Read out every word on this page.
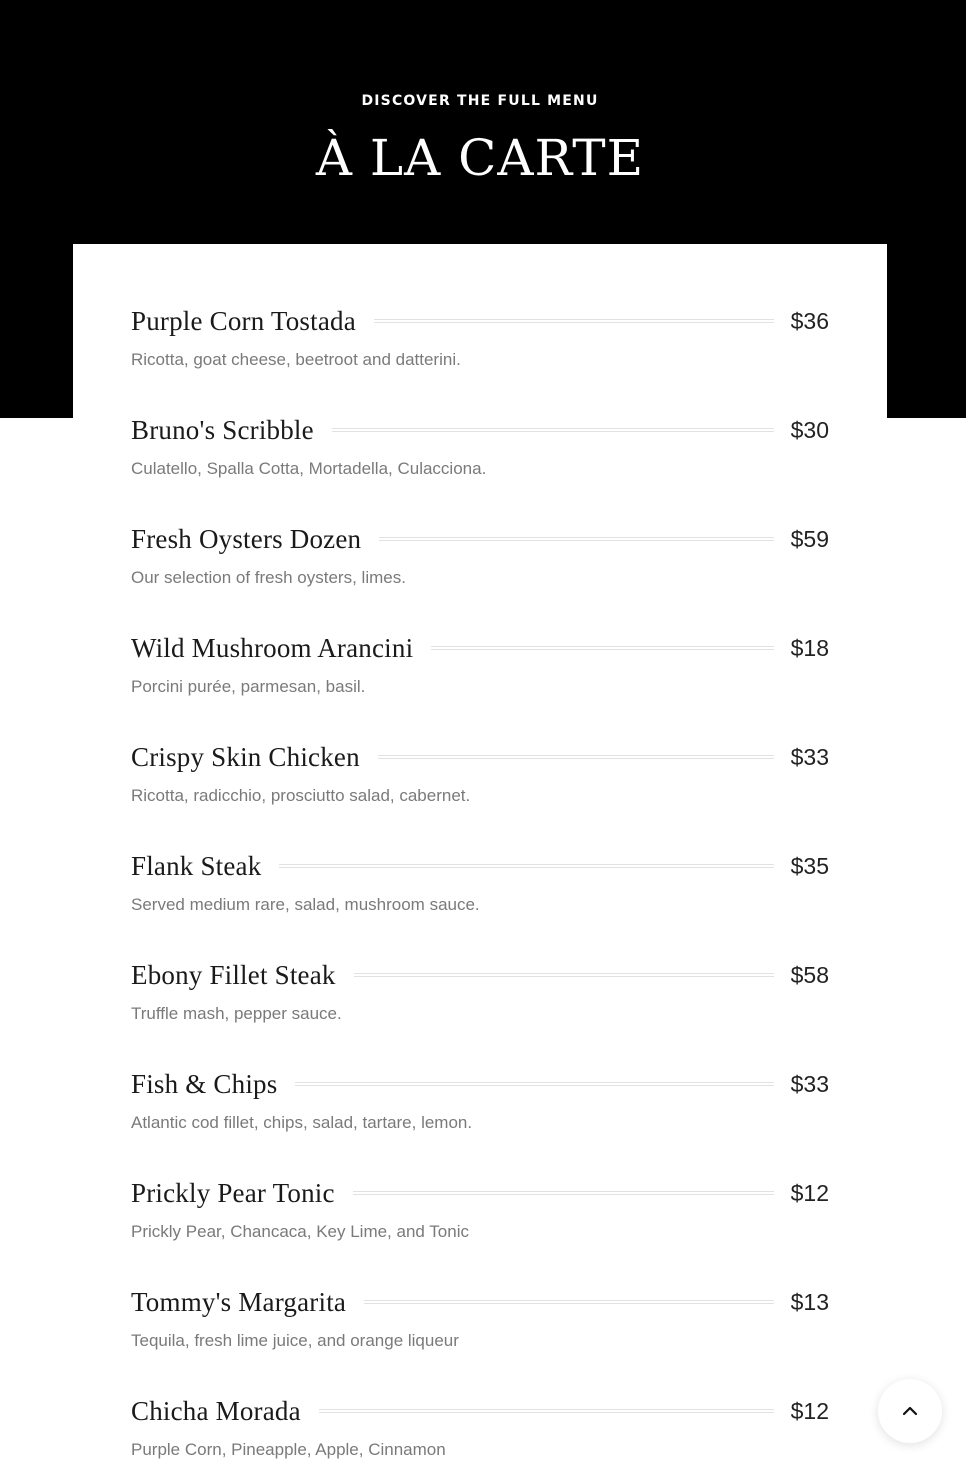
DISCOVER THE FULL MENU
À LA CARTE
Purple Corn Tostada	$36
Ricotta, goat cheese, beetroot and datterini.
Bruno's Scribble	$30
Culatello, Spalla Cotta, Mortadella, Culacciona.
Fresh Oysters Dozen	$59
Our selection of fresh oysters, limes.
Wild Mushroom Arancini	$18
Porcini purée, parmesan, basil.
Crispy Skin Chicken	$33
Ricotta, radicchio, prosciutto salad, cabernet.
Flank Steak	$35
Served medium rare, salad, mushroom sauce.
Ebony Fillet Steak	$58
Truffle mash, pepper sauce.
Fish & Chips	$33
Atlantic cod fillet, chips, salad, tartare, lemon.
Prickly Pear Tonic	$12
Prickly Pear, Chancaca, Key Lime, and Tonic
Tommy's Margarita	$13
Tequila, fresh lime juice, and orange liqueur
Chicha Morada	$12
Purple Corn, Pineapple, Apple, Cinnamon
